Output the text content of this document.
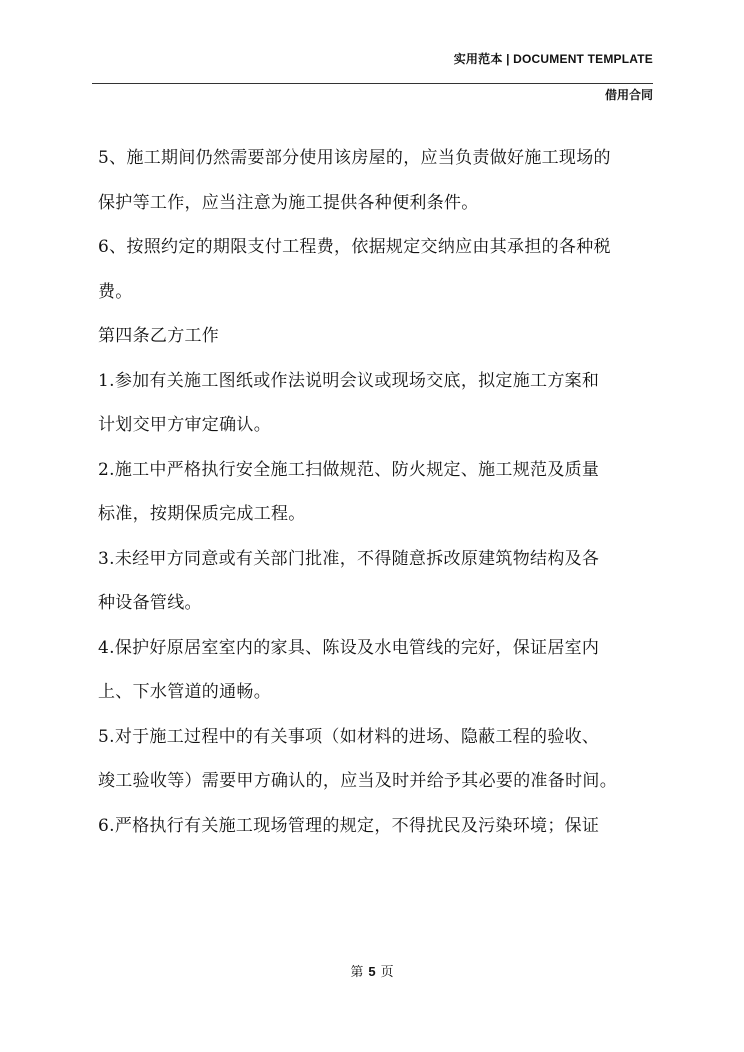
实用范本 | DOCUMENT TEMPLATE
借用合同
5、施工期间仍然需要部分使用该房屋的，应当负责做好施工现场的
保护等工作，应当注意为施工提供各种便利条件。
6、按照约定的期限支付工程费，依据规定交纳应由其承担的各种税
费。
第四条乙方工作
1.参加有关施工图纸或作法说明会议或现场交底，拟定施工方案和
计划交甲方审定确认。
2.施工中严格执行安全施工扫做规范、防火规定、施工规范及质量
标准，按期保质完成工程。
3.未经甲方同意或有关部门批准，不得随意拆改原建筑物结构及各
种设备管线。
4.保护好原居室室内的家具、陈设及水电管线的完好，保证居室内
上、下水管道的通畅。
5.对于施工过程中的有关事项（如材料的进场、隐蔽工程的验收、
竣工验收等）需要甲方确认的，应当及时并给予其必要的准备时间。
6.严格执行有关施工现场管理的规定，不得扰民及污染环境；保证
第 5 页
